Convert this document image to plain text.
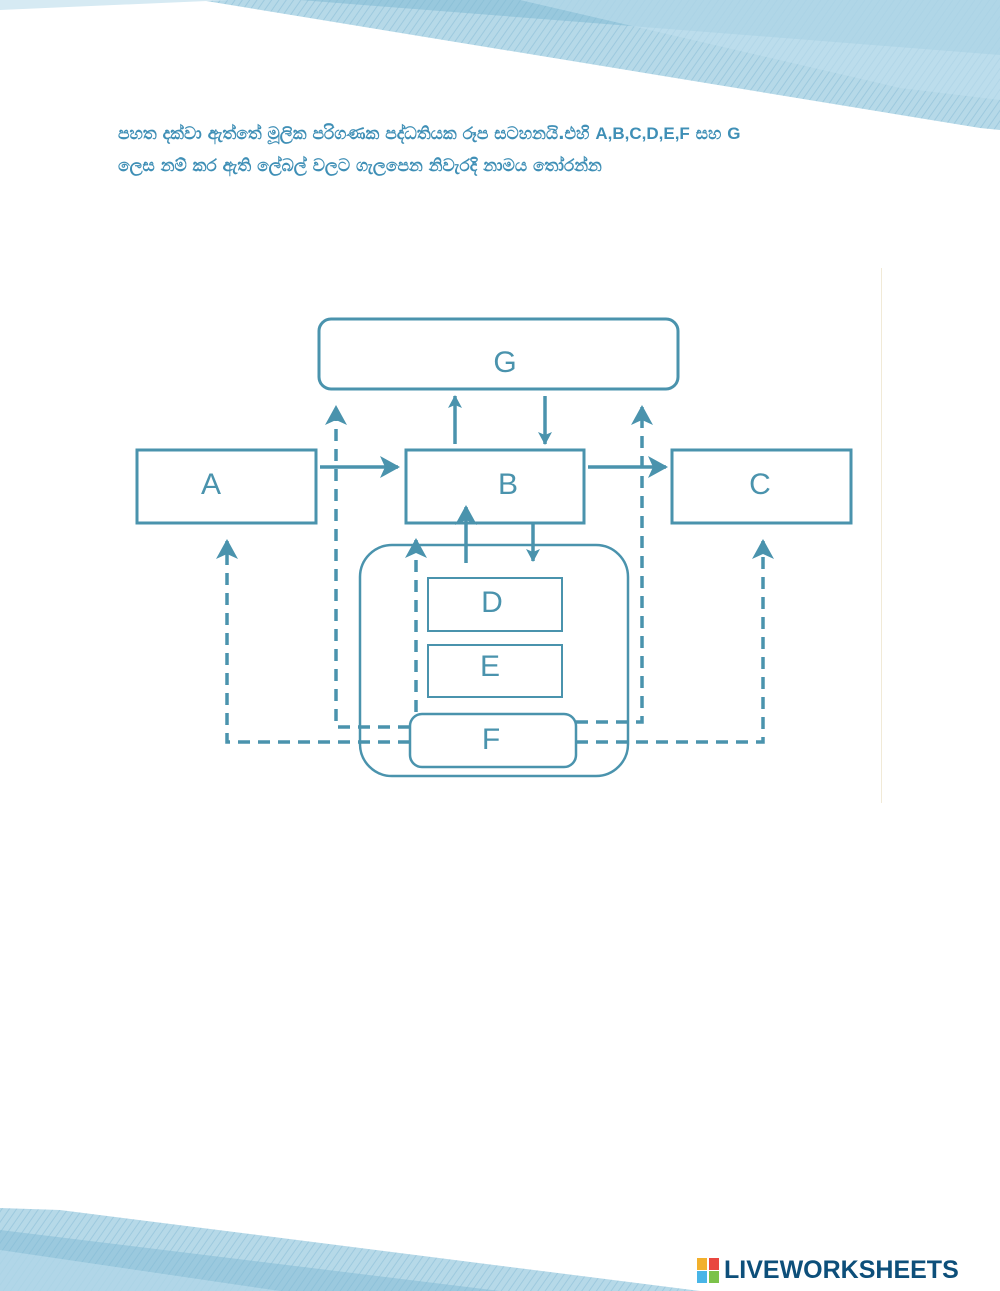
පහත දක්වා ඇත්තේ මූලික පරිගණක පද්ධතියක රූප සටහනයි.එහි A,B,C,D,E,F සහ G

ලෙස නම් කර ඇති ලේබල් වලට ගැලපෙන නිවැරදි නාමය තෝරන්න

G
A	B	C
D
E
F
LIVEWORKSHEETS
